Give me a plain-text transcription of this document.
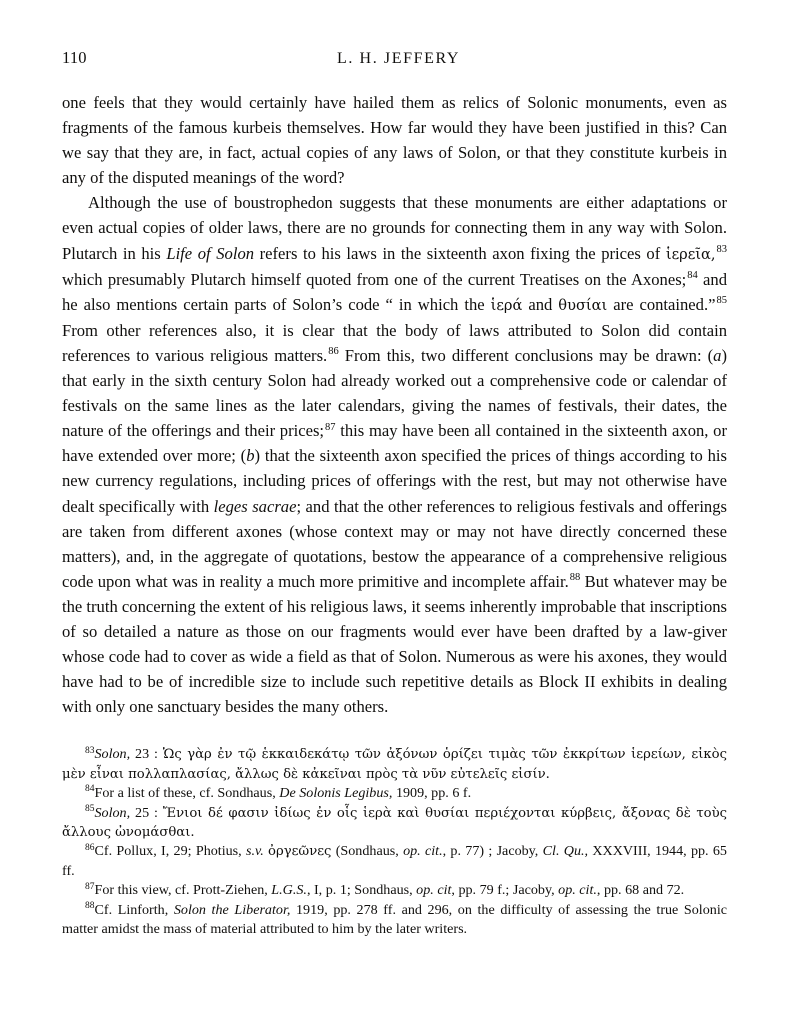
110	L. H. JEFFERY

one feels that they would certainly have hailed them as relics of Solonic monuments, even as fragments of the famous kurbeis themselves. How far would they have been justified in this? Can we say that they are, in fact, actual copies of any laws of Solon, or that they constitute kurbeis in any of the disputed meanings of the word?

Although the use of boustrophedon suggests that these monuments are either adaptations or even actual copies of older laws, there are no grounds for connecting them in any way with Solon. Plutarch in his Life of Solon refers to his laws in the sixteenth axon fixing the prices of ἱερεῖα,$^{83}$ which presumably Plutarch himself quoted from one of the current Treatises on the Axones;$^{84}$ and he also mentions certain parts of Solon’s code “ in which the ἱερά and θυσίαι are contained.”$^{85}$ From other references also, it is clear that the body of laws attributed to Solon did contain references to various religious matters.$^{86}$ From this, two different conclusions may be drawn: (a) that early in the sixth century Solon had already worked out a comprehensive code or calendar of festivals on the same lines as the later calendars, giving the names of festivals, their dates, the nature of the offerings and their prices;$^{87}$ this may have been all contained in the sixteenth axon, or have extended over more; (b) that the sixteenth axon specified the prices of things according to his new currency regulations, including prices of offerings with the rest, but may not otherwise have dealt specifically with leges sacrae; and that the other references to religious festivals and offerings are taken from different axones (whose context may or may not have directly concerned these matters), and, in the aggregate of quotations, bestow the appearance of a comprehensive religious code upon what was in reality a much more primitive and incomplete affair.$^{88}$ But whatever may be the truth concerning the extent of his religious laws, it seems inherently improbable that inscriptions of so detailed a nature as those on our fragments would ever have been drafted by a law-giver whose code had to cover as wide a field as that of Solon. Numerous as were his axones, they would have had to be of incredible size to include such repetitive details as Block II exhibits in dealing with only one sanctuary besides the many others.

$^{83}$Solon, 23 : Ὡς γὰρ ἐν τῷ ἑκκαιδεκάτῳ τῶν ἀξόνων ὁρίζει τιμὰς τῶν ἐκκρίτων ἱερείων, εἰκὸς μὲν εἶναι πολλαπλασίας, ἄλλως δὲ κἀκεῖναι πρὸς τὰ νῦν εὐτελεῖς εἰσίν.

$^{84}$For a list of these, cf. Sondhaus, De Solonis Legibus, 1909, pp. 6 f.

$^{85}$Solon, 25 : Ἔνιοι δέ φασιν ἰδίως ἐν οἷς ἱερὰ καὶ θυσίαι περιέχονται κύρβεις, ἄξονας δὲ τοὺς ἄλλους ὠνομάσθαι.

$^{86}$Cf. Pollux, I, 29; Photius, s.v. ὀργεῶνες (Sondhaus, op. cit., p. 77) ; Jacoby, Cl. Qu., XXXVIII, 1944, pp. 65 ff.

$^{87}$For this view, cf. Prott-Ziehen, L.G.S., I, p. 1; Sondhaus, op. cit, pp. 79 f.; Jacoby, op. cit., pp. 68 and 72.

$^{88}$Cf. Linforth, Solon the Liberator, 1919, pp. 278 ff. and 296, on the difficulty of assessing the true Solonic matter amidst the mass of material attributed to him by the later writers.
